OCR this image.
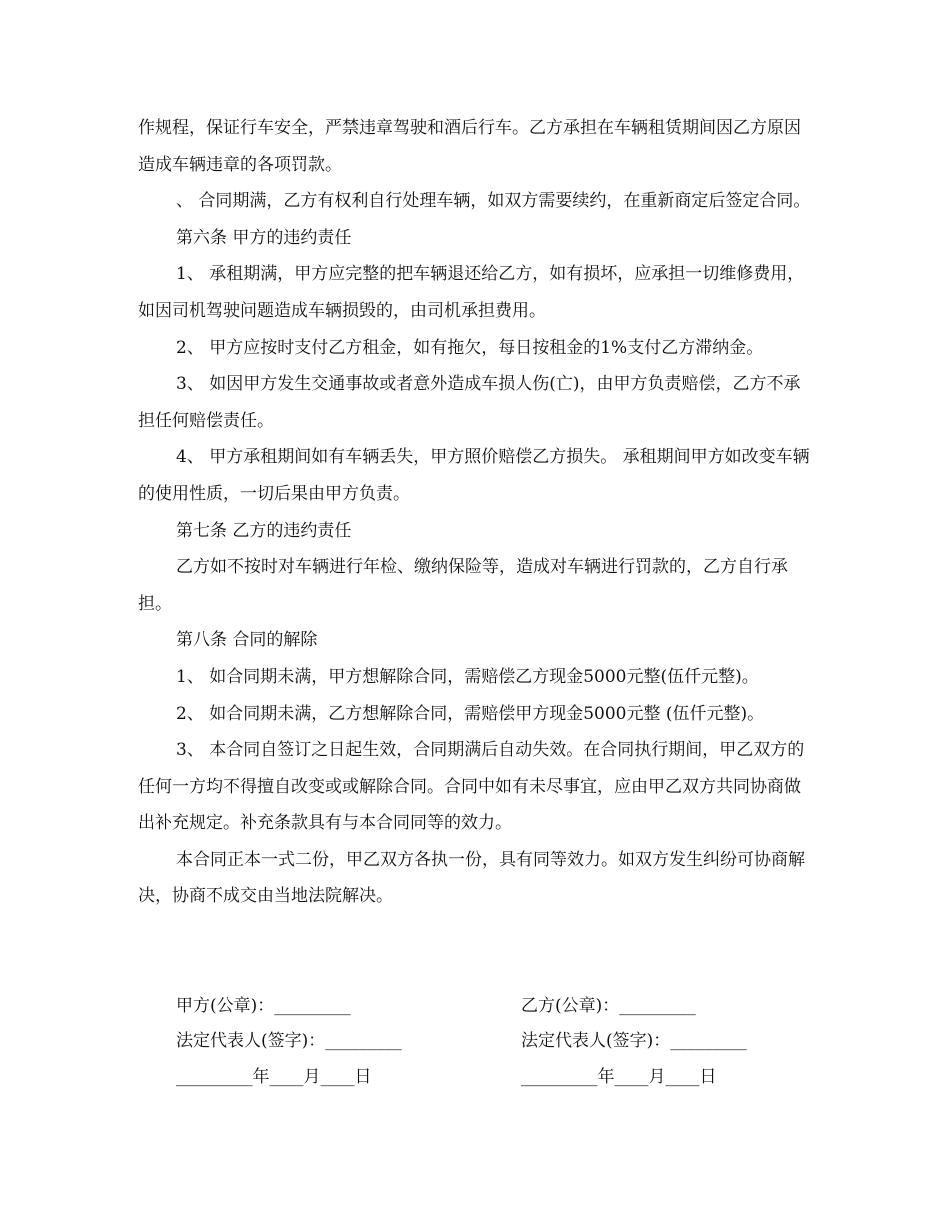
作规程，保证行车安全，严禁违章驾驶和酒后行车。乙方承担在车辆租赁期间因乙方原因造成车辆违章的各项罚款。

、 合同期满，乙方有权利自行处理车辆，如双方需要续约，在重新商定后签定合同。

第六条 甲方的违约责任

1、 承租期满，甲方应完整的把车辆退还给乙方，如有损坏，应承担一切维修费用，如因司机驾驶问题造成车辆损毁的，由司机承担费用。

2、 甲方应按时支付乙方租金，如有拖欠，每日按租金的1%支付乙方滞纳金。

3、 如因甲方发生交通事故或者意外造成车损人伤(亡)，由甲方负责赔偿，乙方不承担任何赔偿责任。

4、 甲方承租期间如有车辆丢失，甲方照价赔偿乙方损失。 承租期间甲方如改变车辆的使用性质，一切后果由甲方负责。

第七条 乙方的违约责任

乙方如不按时对车辆进行年检、缴纳保险等，造成对车辆进行罚款的，乙方自行承担。

第八条 合同的解除

1、 如合同期未满，甲方想解除合同，需赔偿乙方现金5000元整(伍仟元整)。

2、 如合同期未满，乙方想解除合同，需赔偿甲方现金5000元整 (伍仟元整)。

3、 本合同自签订之日起生效，合同期满后自动失效。在合同执行期间，甲乙双方的任何一方均不得擅自改变或或解除合同。合同中如有未尽事宜，应由甲乙双方共同协商做出补充规定。补充条款具有与本合同同等的效力。

本合同正本一式二份，甲乙双方各执一份，具有同等效力。如双方发生纠纷可协商解决，协商不成交由当地法院解决。

甲方(公章)：_________	乙方(公章)：_________
法定代表人(签字)：_________	法定代表人(签字)：_________
_________年____月____日	_________年____月____日
